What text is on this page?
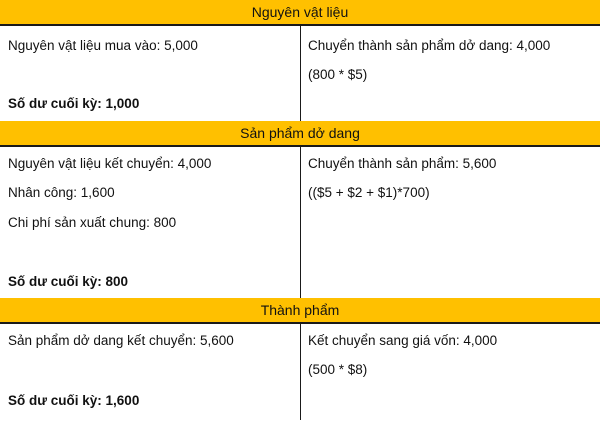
Nguyên vật liệu
Nguyên vật liệu mua vào: 5,000	Chuyển thành sản phẩm dở dang: 4,000
(800 * $5)
Số dư cuối kỳ: 1,000
Sản phẩm dở dang
Nguyên vật liệu kết chuyển: 4,000
Nhân công: 1,600
Chi phí sản xuất chung: 800
Chuyển thành sản phẩm: 5,600
(($5 + $2 + $1)*700)
Số dư cuối kỳ: 800
Thành phẩm
Sản phẩm dở dang kết chuyển: 5,600	Kết chuyển sang giá vốn: 4,000
(500 * $8)
Số dư cuối kỳ: 1,600
